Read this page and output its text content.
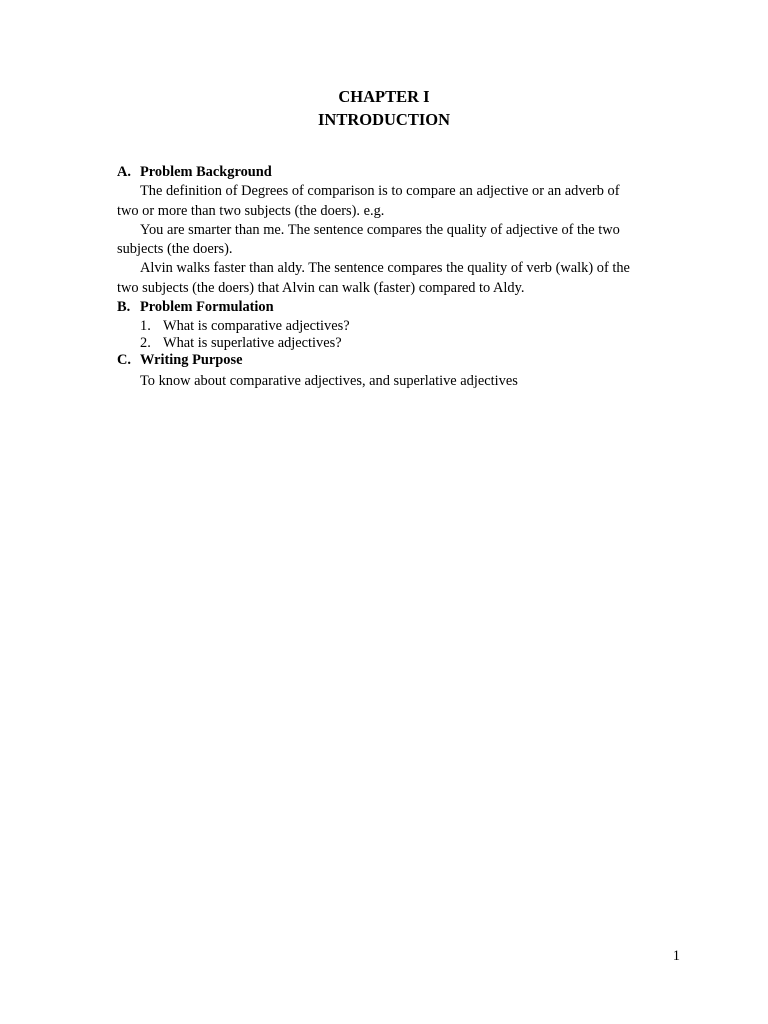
CHAPTER I
INTRODUCTION
A. Problem Background
The definition of Degrees of comparison is to compare an adjective or an adverb of
two or more than two subjects (the doers). e.g.
You are smarter than me. The sentence compares the quality of adjective of the two
subjects (the doers).
Alvin walks faster than aldy. The sentence compares the quality of verb (walk) of the
two subjects (the doers) that Alvin can walk (faster) compared to Aldy.
B. Problem Formulation
1. What is comparative adjectives?
2. What is superlative adjectives?
C. Writing Purpose
To know about comparative adjectives, and superlative adjectives
1
